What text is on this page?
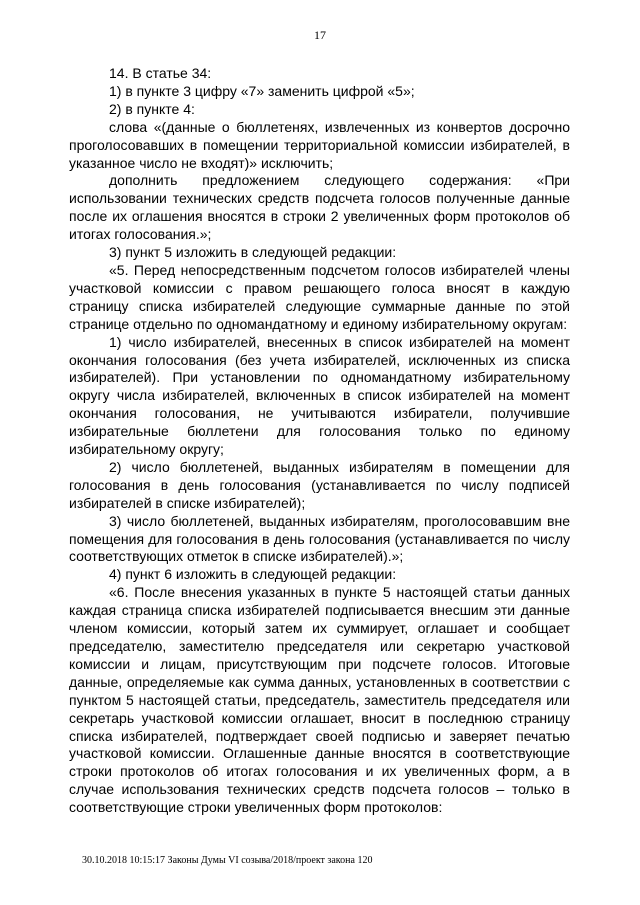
17

14. В статье 34:

1) в пункте 3 цифру «7» заменить цифрой «5»;

2) в пункте 4:

слова «(данные о бюллетенях, извлеченных из конвертов досрочно проголосовавших в помещении территориальной комиссии избирателей, в указанное число не входят)» исключить;

дополнить предложением следующего содержания: «При использовании технических средств подсчета голосов полученные данные после их оглашения вносятся в строки 2 увеличенных форм протоколов об итогах голосования.»;

3) пункт 5 изложить в следующей редакции:

«5. Перед непосредственным подсчетом голосов избирателей члены участковой комиссии с правом решающего голоса вносят в каждую страницу списка избирателей следующие суммарные данные по этой странице отдельно по одномандатному и единому избирательному округам:

1) число избирателей, внесенных в список избирателей на момент окончания голосования (без учета избирателей, исключенных из списка избирателей). При установлении по одномандатному избирательному округу числа избирателей, включенных в список избирателей на момент окончания голосования, не учитываются избиратели, получившие избирательные бюллетени для голосования только по единому избирательному округу;

2) число бюллетеней, выданных избирателям в помещении для голосования в день голосования (устанавливается по числу подписей избирателей в списке избирателей);

3) число бюллетеней, выданных избирателям, проголосовавшим вне помещения для голосования в день голосования (устанавливается по числу соответствующих отметок в списке избирателей).»;

4) пункт 6 изложить в следующей редакции:

«6. После внесения указанных в пункте 5 настоящей статьи данных каждая страница списка избирателей подписывается внесшим эти данные членом комиссии, который затем их суммирует, оглашает и сообщает председателю, заместителю председателя или секретарю участковой комиссии и лицам, присутствующим при подсчете голосов. Итоговые данные, определяемые как сумма данных, установленных в соответствии с пунктом 5 настоящей статьи, председатель, заместитель председателя или секретарь участковой комиссии оглашает, вносит в последнюю страницу списка избирателей, подтверждает своей подписью и заверяет печатью участковой комиссии. Оглашенные данные вносятся в соответствующие строки протоколов об итогах голосования и их увеличенных форм, а в случае использования технических средств подсчета голосов – только в соответствующие строки увеличенных форм протоколов:

30.10.2018 10:15:17 Законы Думы VI созыва/2018/проект закона 120
